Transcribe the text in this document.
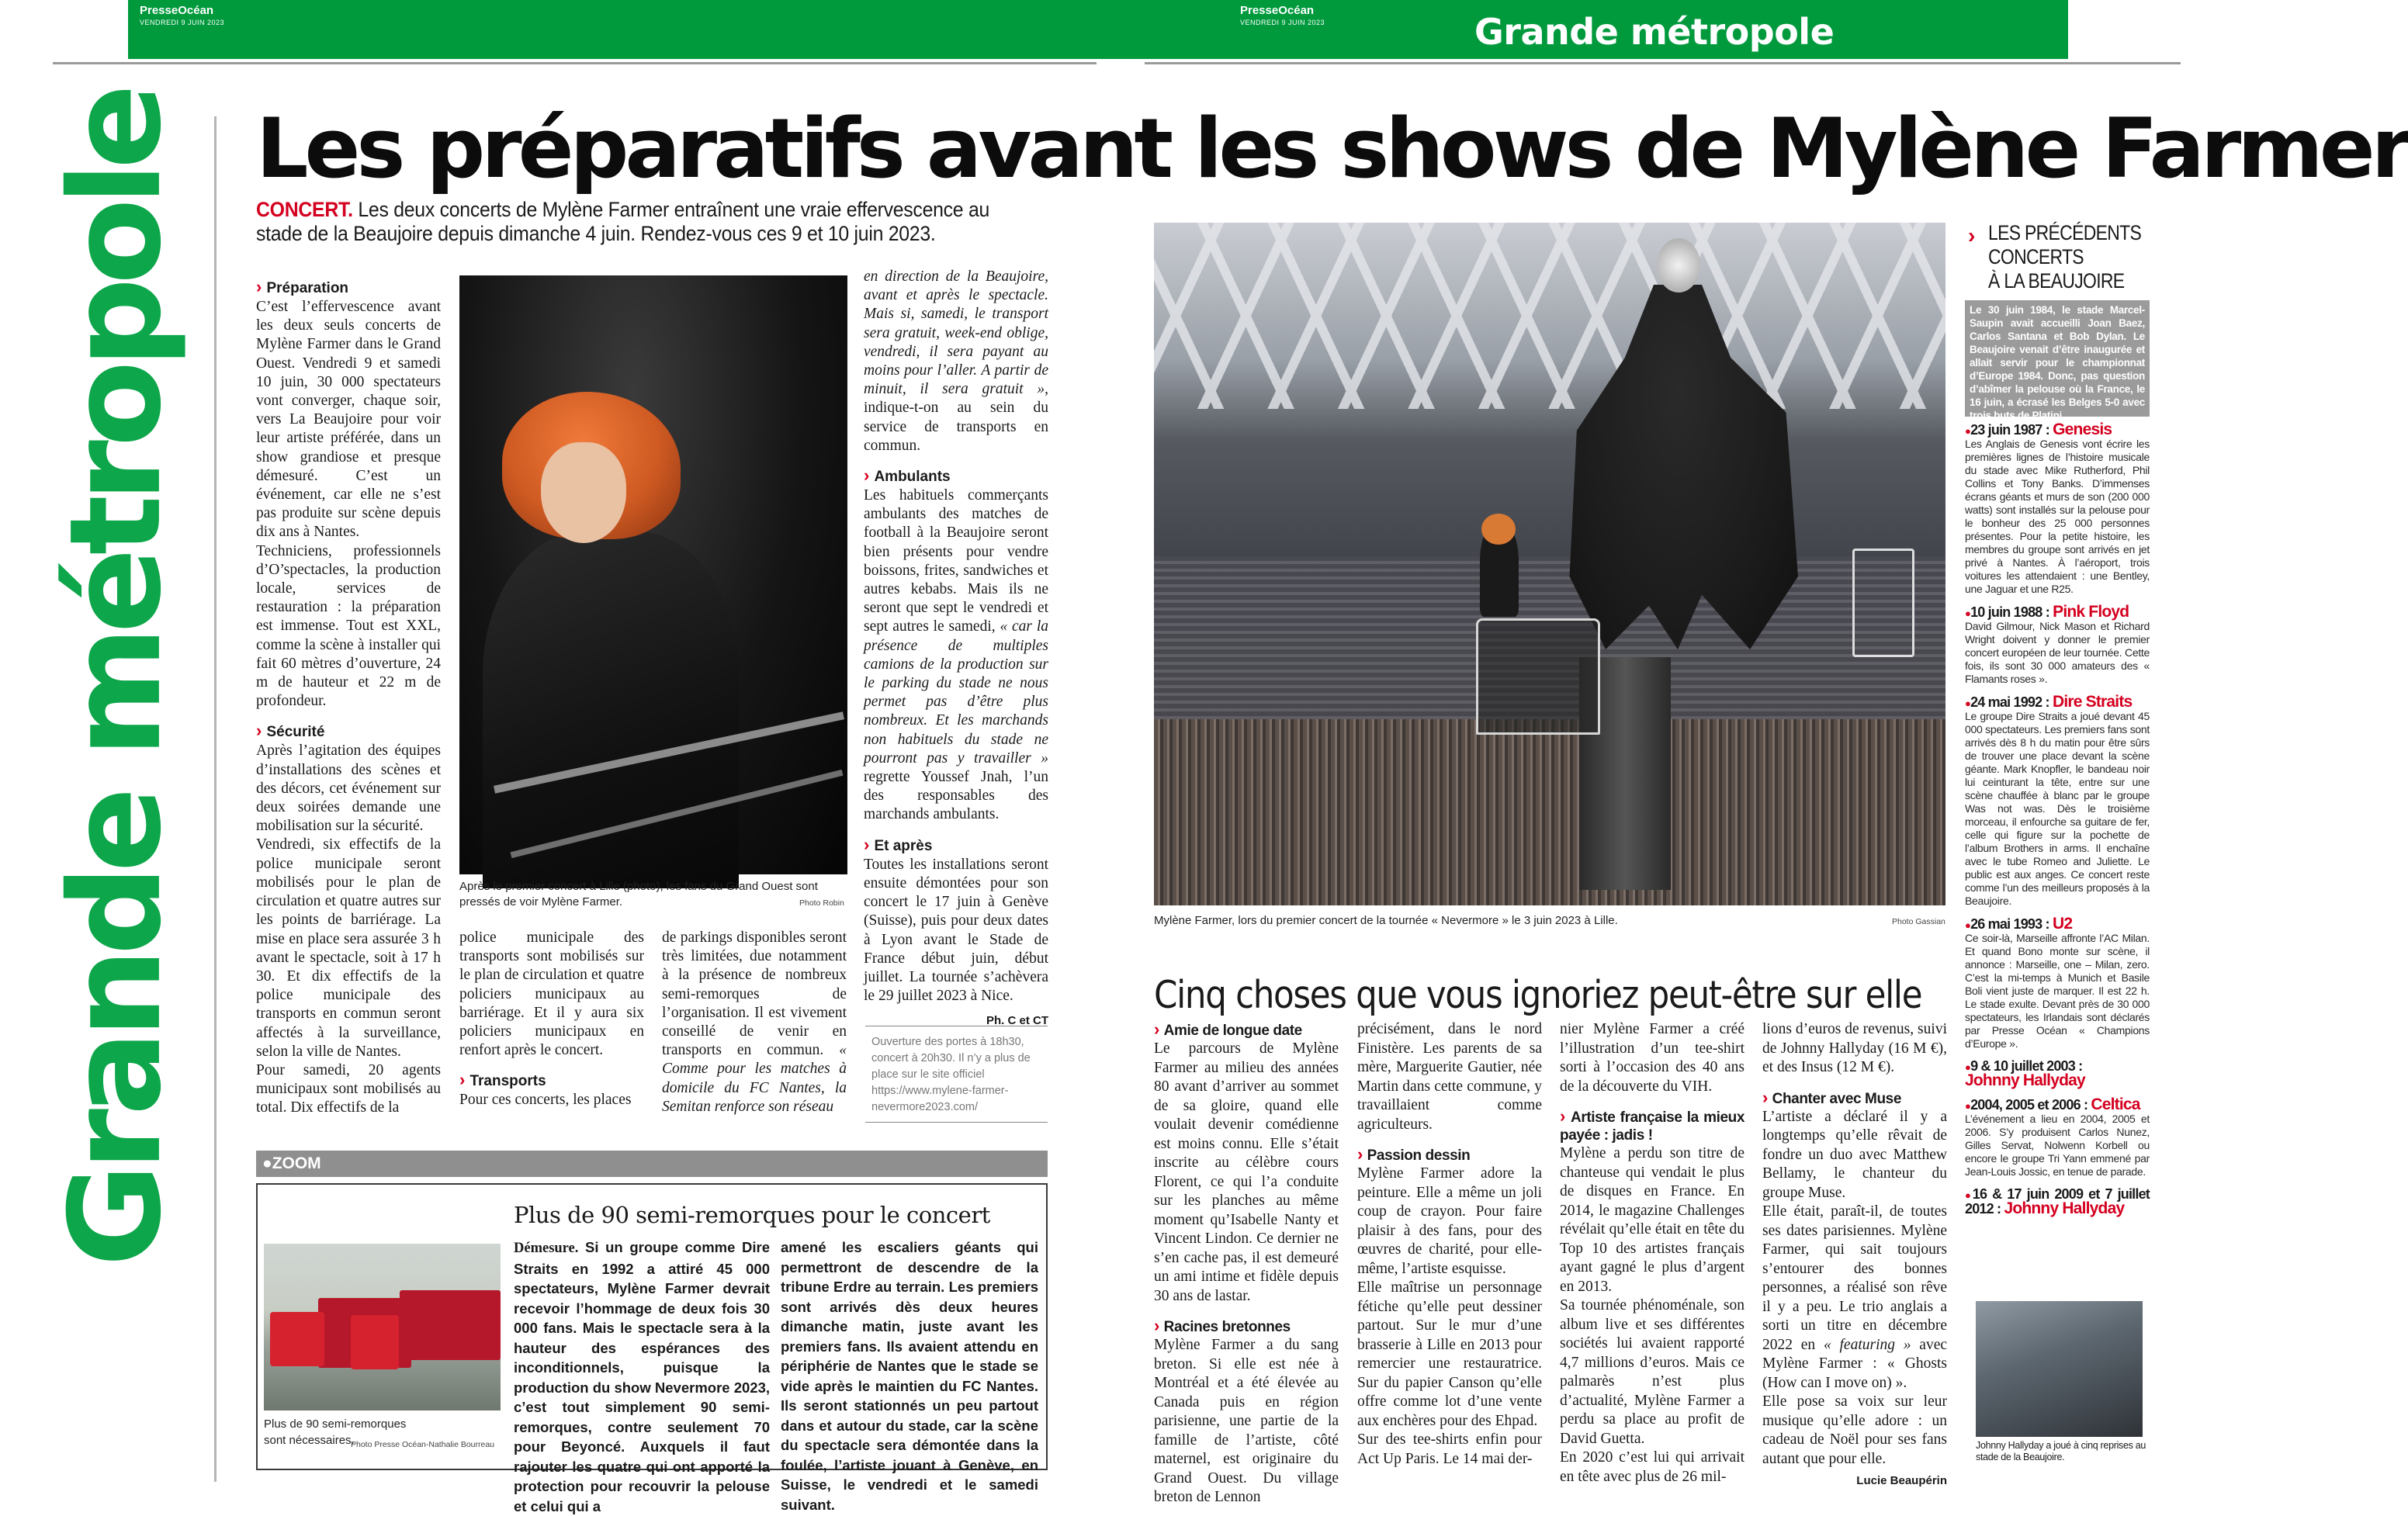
PresseOcéan
VENDREDI 9 JUIN 2023
PresseOcéan
VENDREDI 9 JUIN 2023	Grande métropole
Grande métropole Les préparatifs avant les shows de Mylène Farmer
CONCERT. Les deux concerts de Mylène Farmer entraînent une vraie effervescence au stade de la Beaujoire depuis dimanche 4 juin. Rendez-vous ces 9 et 10 juin 2023.
› Préparation

C’est l’effervescence avant les deux seuls concerts de Mylène Farmer dans le Grand Ouest. Vendredi 9 et samedi 10 juin, 30 000 spectateurs vont converger, chaque soir, vers La Beaujoire pour voir leur artiste préférée, dans un show grandiose et presque démesuré. C’est un événement, car elle ne s’est pas produite sur scène depuis dix ans à Nantes.

Techniciens, professionnels d’O’spectacles, la production locale, services de restauration : la préparation est immense. Tout est XXL, comme la scène à installer qui fait 60 mètres d’ouverture, 24 m de hauteur et 22 m de profondeur.

› Sécurité

Après l’agitation des équipes d’installations des scènes et des décors, cet événement sur deux soirées demande une mobilisation sur la sécurité.

Vendredi, six effectifs de la police municipale seront mobilisés pour le plan de circulation et quatre autres sur les points de barriérage. La mise en place sera assurée 3 h avant le spectacle, soit à 17 h 30. Et dix effectifs de la police municipale des transports en commun seront affectés à la surveillance, selon la ville de Nantes.

Pour samedi, 20 agents municipaux sont mobilisés au total. Dix effectifs de la

Après le premier concert à Lille (photo), les fans du Grand Ouest sont pressés de voir Mylène Farmer.	Photo Robin

police municipale des transports sont mobilisés sur le plan de circulation et quatre policiers municipaux au barriérage. Et il y aura six policiers municipaux en renfort après le concert.

› Transports

Pour ces concerts, les places

de parkings disponibles seront très limitées, due notamment à la présence de nombreux semi-remorques de l’organisation. Il est vivement conseillé de venir en transports en commun. « Comme pour les matches à domicile du FC Nantes, la Semitan renforce son réseau

en direction de la Beaujoire, avant et après le spectacle. Mais si, samedi, le transport sera gratuit, week-end oblige, vendredi, il sera payant au moins pour l’aller. A partir de minuit, il sera gratuit », indique-t-on au sein du service de transports en commun.

› Ambulants

Les habituels commerçants ambulants des matches de football à la Beaujoire seront bien présents pour vendre boissons, frites, sandwiches et autres kebabs. Mais ils ne seront que sept le vendredi et sept autres le samedi, « car la présence de multiples camions de la production sur le parking du stade ne nous permet pas d’être plus nombreux. Et les marchands non habituels du stade ne pourront pas y travailler » regrette Youssef Jnah, l’un des responsables des marchands ambulants.

› Et après

Toutes les installations seront ensuite démontées pour son concert le 17 juin à Genève (Suisse), puis pour deux dates à Lyon avant le Stade de France début juin, début juillet. La tournée s’achèvera le 29 juillet 2023 à Nice.

Ph. C et CT

Ouverture des portes à 18h30, concert à 20h30. Il n’y a plus de place sur le site officiel https://www.mylene-farmer-nevermore2023.com/
● ZOOM
Plus de 90 semi-remorques pour le concert
Plus de 90 semi-remorques sont nécessaires.
Photo Presse Océan-Nathalie Bourreau
Démesure. Si un groupe comme Dire Straits en 1992 a attiré 45 000 spectateurs, Mylène Farmer devrait recevoir l’hommage de deux fois 30 000 fans. Mais le spectacle sera à la hauteur des espérances des inconditionnels, puisque la production du show Nevermore 2023, c’est tout simplement 90 semi-remorques, contre seulement 70 pour Beyoncé. Auxquels il faut rajouter les quatre qui ont apporté la protection pour recouvrir la pelouse et celui qui a
amené les escaliers géants qui permettront de descendre de la tribune Erdre au terrain. Les premiers sont arrivés dès deux heures dimanche matin, juste avant les premiers fans. Ils avaient attendu en périphérie de Nantes que le stade se vide après le maintien du FC Nantes. Ils seront stationnés un peu partout dans et autour du stade, car la scène du spectacle sera démontée dans la foulée, l’artiste jouant à Genève, en Suisse, le vendredi et le samedi suivant.
Mylène Farmer, lors du premier concert de la tournée « Nevermore » le 3 juin 2023 à Lille.	Photo Gassian
› LES PRÉCÉDENTS
CONCERTS
À LA BEAUJOIRE
Le 30 juin 1984, le stade Marcel-Saupin avait accueilli Joan Baez, Carlos Santana et Bob Dylan. Le Beaujoire venait d’être inaugurée et allait servir pour le championnat d’Europe 1984. Donc, pas question d’abîmer la pelouse où la France, le 16 juin, a écrasé les Belges 5-0 avec trois buts de Platini.
● 23 juin 1987 : Genesis
Les Anglais de Genesis vont écrire les premières lignes de l’histoire musicale du stade avec Mike Rutherford, Phil Collins et Tony Banks. D’immenses écrans géants et murs de son (200 000 watts) sont installés sur la pelouse pour le bonheur des 25 000 personnes présentes. Pour la petite histoire, les membres du groupe sont arrivés en jet privé à Nantes. À l’aéroport, trois voitures les attendaient : une Bentley, une Jaguar et une R25.
● 10 juin 1988 : Pink Floyd
David Gilmour, Nick Mason et Richard Wright doivent y donner le premier concert européen de leur tournée. Cette fois, ils sont 30 000 amateurs des « Flamants roses ».
● 24 mai 1992 : Dire Straits
Le groupe Dire Straits a joué devant 45 000 spectateurs. Les premiers fans sont arrivés dès 8 h du matin pour être sûrs de trouver une place devant la scène géante. Mark Knopfler, le bandeau noir lui ceinturant la tête, entre sur une scène chauffée à blanc par le groupe Was not was. Dès le troisième morceau, il enfourche sa guitare de fer, celle qui figure sur la pochette de l’album Brothers in arms. Il enchaîne avec le tube Romeo and Juliette. Le public est aux anges. Ce concert reste comme l’un des meilleurs proposés à la Beaujoire.
● 26 mai 1993 : U2
Ce soir-là, Marseille affronte l’AC Milan. Et quand Bono monte sur scène, il annonce : Marseille, one – Milan, zero. C’est la mi-temps à Munich et Basile Boli vient juste de marquer. Il est 22 h. Le stade exulte. Devant près de 30 000 spectateurs, les Irlandais sont déclarés par Presse Océan « Champions d’Europe ».
● 9 & 10 juillet 2003 :
Johnny Hallyday
● 2004, 2005 et 2006 : Celtica
L’événement a lieu en 2004, 2005 et 2006. S’y produisent Carlos Nunez, Gilles Servat, Nolwenn Korbell ou encore le groupe Tri Yann emmené par Jean-Louis Jossic, en tenue de parade.
● 16 & 17 juin 2009 et 7 juillet 2012 : Johnny Hallyday
Johnny Hallyday a joué à cinq reprises au stade de la Beaujoire.
Cinq choses que vous ignoriez peut-être sur elle
› Amie de longue date

Le parcours de Mylène Farmer au milieu des années 80 avant d’arriver au sommet de sa gloire, quand elle voulait devenir comédienne est moins connu. Elle s’était inscrite au célèbre cours Florent, ce qui l’a conduite sur les planches au même moment qu’Isabelle Nanty et Vincent Lindon. Ce dernier ne s’en cache pas, il est demeuré un ami intime et fidèle depuis 30 ans de lastar.

› Racines bretonnes

Mylène Farmer a du sang breton. Si elle est née à Montréal et a été élevée au Canada puis en région parisienne, une partie de la famille de l’artiste, côté maternel, est originaire du Grand Ouest. Du village breton de Lennon

précisément, dans le nord Finistère. Les parents de sa mère, Marguerite Gautier, née Martin dans cette commune, y travaillaient comme agriculteurs.

› Passion dessin

Mylène Farmer adore la peinture. Elle a même un joli coup de crayon. Pour faire plaisir à des fans, pour des œuvres de charité, pour elle-même, l’artiste esquisse.

Elle maîtrise un personnage fétiche qu’elle peut dessiner partout. Sur le mur d’une brasserie à Lille en 2013 pour remercier une restauratrice. Sur du papier Canson qu’elle offre comme lot d’une vente aux enchères pour des Ehpad.

Sur des tee-shirts enfin pour Act Up Paris. Le 14 mai der-

nier Mylène Farmer a créé l’illustration d’un tee-shirt sorti à l’occasion des 40 ans de la découverte du VIH.

› Artiste française la mieux payée : jadis !

Mylène a perdu son titre de chanteuse qui vendait le plus de disques en France. En 2014, le magazine Challenges révélait qu’elle était en tête du Top 10 des artistes français ayant gagné le plus d’argent en 2013.

Sa tournée phénoménale, son album live et ses différentes sociétés lui avaient rapporté 4,7 millions d’euros. Mais ce palmarès n’est plus d’actualité, Mylène Farmer a perdu sa place au profit de David Guetta.

En 2020 c’est lui qui arrivait en tête avec plus de 26 mil-

lions d’euros de revenus, suivi de Johnny Hallyday (16 M €), et des Insus (12 M €).

› Chanter avec Muse

L’artiste a déclaré il y a longtemps qu’elle rêvait de fondre un duo avec Matthew Bellamy, le chanteur du groupe Muse.

Elle était, paraît-il, de toutes ses dates parisiennes. Mylène Farmer, qui sait toujours s’entourer des bonnes personnes, a réalisé son rêve il y a peu. Le trio anglais a sorti un titre en décembre 2022 en « featuring » avec Mylène Farmer : « Ghosts (How can I move on) ».

Elle pose sa voix sur leur musique qu’elle adore : un cadeau de Noël pour ses fans autant que pour elle.

Lucie Beaupérin
